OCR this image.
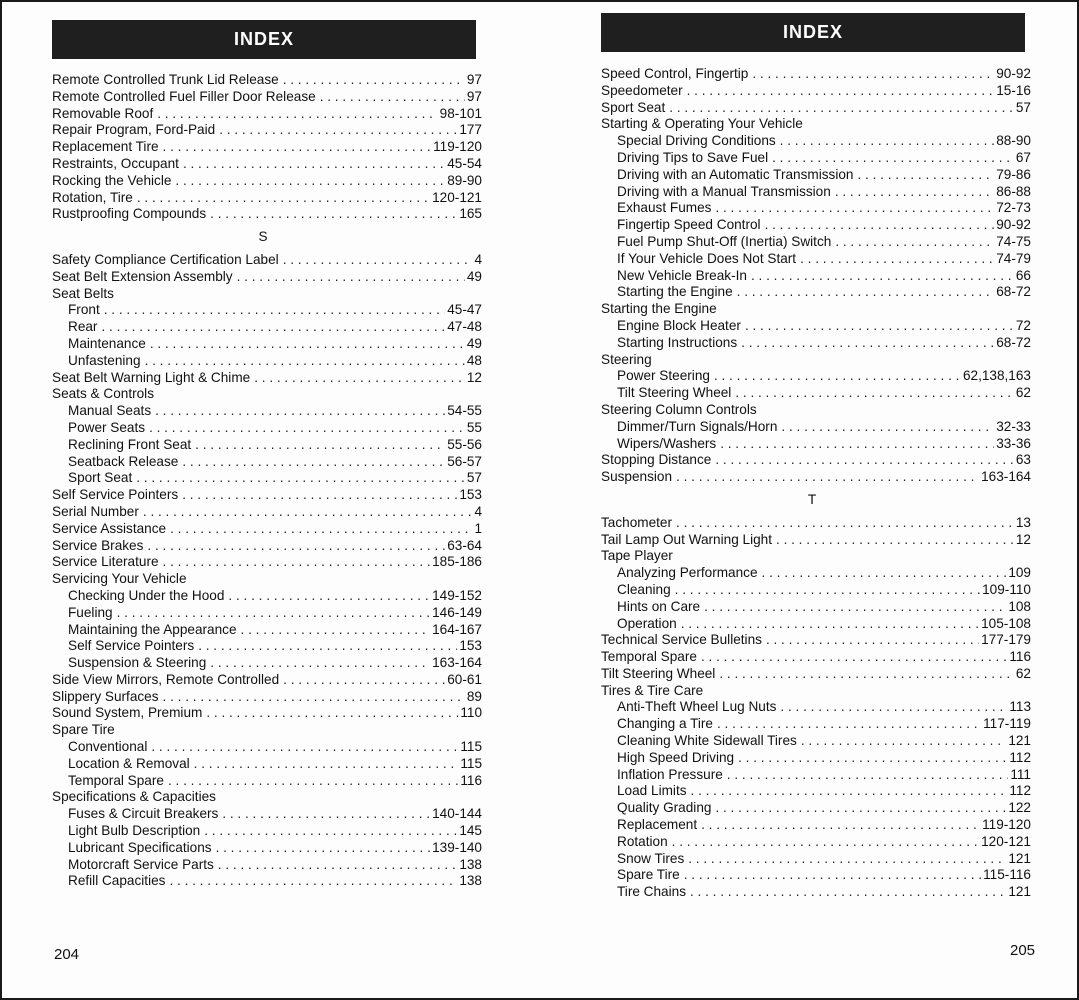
INDEX
Remote Controlled Trunk Lid Release . . .	97
Remote Controlled Fuel Filler Door Release . . .	97
Removable Roof . . .	98-101
Repair Program, Ford-Paid . . .	177
Replacement Tire . . .	119-120
Restraints, Occupant . . .	45-54
Rocking the Vehicle . . .	89-90
Rotation, Tire . . .	120-121
Rustproofing Compounds . . .	165
S
Safety Compliance Certification Label . . .	4
Seat Belt Extension Assembly . . .	49
Seat Belts
Front . . .	45-47
Rear . . .	47-48
Maintenance . . .	49
Unfastening . . .	48
Seat Belt Warning Light & Chime . . .	12
Seats & Controls
Manual Seats . . .	54-55
Power Seats . . .	55
Reclining Front Seat . . .	55-56
Seatback Release . . .	56-57
Sport Seat . . .	57
Self Service Pointers . . .	153
Serial Number . . .	4
Service Assistance . . .	1
Service Brakes . . .	63-64
Service Literature . . .	185-186
Servicing Your Vehicle
Checking Under the Hood . . .	149-152
Fueling . . .	146-149
Maintaining the Appearance . . .	164-167
Self Service Pointers . . .	153
Suspension & Steering . . .	163-164
Side View Mirrors, Remote Controlled . . .	60-61
Slippery Surfaces . . .	89
Sound System, Premium . . .	110
Spare Tire
Conventional . . .	115
Location & Removal . . .	115
Temporal Spare . . .	116
Specifications & Capacities
Fuses & Circuit Breakers . . .	140-144
Light Bulb Description . . .	145
Lubricant Specifications . . .	139-140
Motorcraft Service Parts . . .	138
Refill Capacities . . .	138
INDEX
Speed Control, Fingertip . . .	90-92
Speedometer . . .	15-16
Sport Seat . . .	57
Starting & Operating Your Vehicle
Special Driving Conditions . . .	88-90
Driving Tips to Save Fuel . . .	67
Driving with an Automatic Transmission . . .	79-86
Driving with a Manual Transmission . . .	86-88
Exhaust Fumes . . .	72-73
Fingertip Speed Control . . .	90-92
Fuel Pump Shut-Off (Inertia) Switch . . .	74-75
If Your Vehicle Does Not Start . . .	74-79
New Vehicle Break-In . . .	66
Starting the Engine . . .	68-72
Starting the Engine
Engine Block Heater . . .	72
Starting Instructions . . .	68-72
Steering
Power Steering . . .	62,138,163
Tilt Steering Wheel . . .	62
Steering Column Controls
Dimmer/Turn Signals/Horn . . .	32-33
Wipers/Washers . . .	33-36
Stopping Distance . . .	63
Suspension . . .	163-164
T
Tachometer . . .	13
Tail Lamp Out Warning Light . . .	12
Tape Player
Analyzing Performance . . .	109
Cleaning . . .	109-110
Hints on Care . . .	108
Operation . . .	105-108
Technical Service Bulletins . . .	177-179
Temporal Spare . . .	116
Tilt Steering Wheel . . .	62
Tires & Tire Care
Anti-Theft Wheel Lug Nuts . . .	113
Changing a Tire . . .	117-119
Cleaning White Sidewall Tires . . .	121
High Speed Driving . . .	112
Inflation Pressure . . .	111
Load Limits . . .	112
Quality Grading . . .	122
Replacement . . .	119-120
Rotation . . .	120-121
Snow Tires . . .	121
Spare Tire . . .	115-116
Tire Chains . . .	121
204	205
